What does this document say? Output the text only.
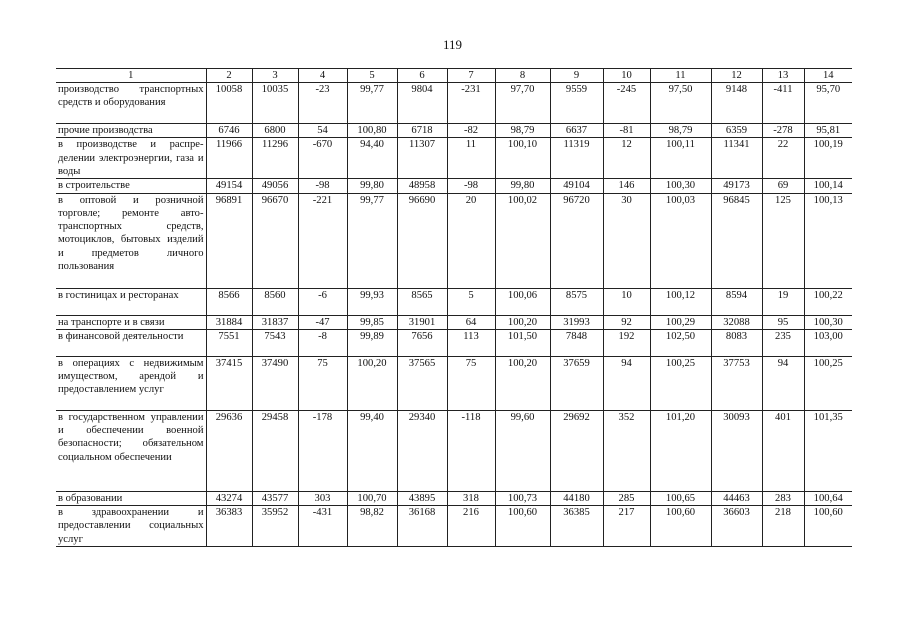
119
1	2	3	4	5	6	7	8	9	10	11	12	13	14
производство транспортных средств и оборудования	10058	10035	-23	99,77	9804	-231	97,70	9559	-245	97,50	9148	-411	95,70
прочие производства	6746	6800	54	100,80	6718	-82	98,79	6637	-81	98,79	6359	-278	95,81
в производстве и распределении электроэнергии, газа и воды	11966	11296	-670	94,40	11307	11	100,10	11319	12	100,11	11341	22	100,19
в строительстве	49154	49056	-98	99,80	48958	-98	99,80	49104	146	100,30	49173	69	100,14
в оптовой и розничной торговле; ремонте автотранспортных средств, мотоциклов, бытовых изделий и предметов личного пользования	96891	96670	-221	99,77	96690	20	100,02	96720	30	100,03	96845	125	100,13
в гостиницах и ресторанах	8566	8560	-6	99,93	8565	5	100,06	8575	10	100,12	8594	19	100,22
на транспорте и в связи	31884	31837	-47	99,85	31901	64	100,20	31993	92	100,29	32088	95	100,30
в финансовой деятельности	7551	7543	-8	99,89	7656	113	101,50	7848	192	102,50	8083	235	103,00
в операциях с недвижимым имуществом, арендой и предоставлением услуг	37415	37490	75	100,20	37565	75	100,20	37659	94	100,25	37753	94	100,25
в государственном управлении и обеспечении военной безопасности; обязательном социальном обеспечении	29636	29458	-178	99,40	29340	-118	99,60	29692	352	101,20	30093	401	101,35
в образовании	43274	43577	303	100,70	43895	318	100,73	44180	285	100,65	44463	283	100,64
в здравоохранении и предоставлении социальных услуг	36383	35952	-431	98,82	36168	216	100,60	36385	217	100,60	36603	218	100,60
